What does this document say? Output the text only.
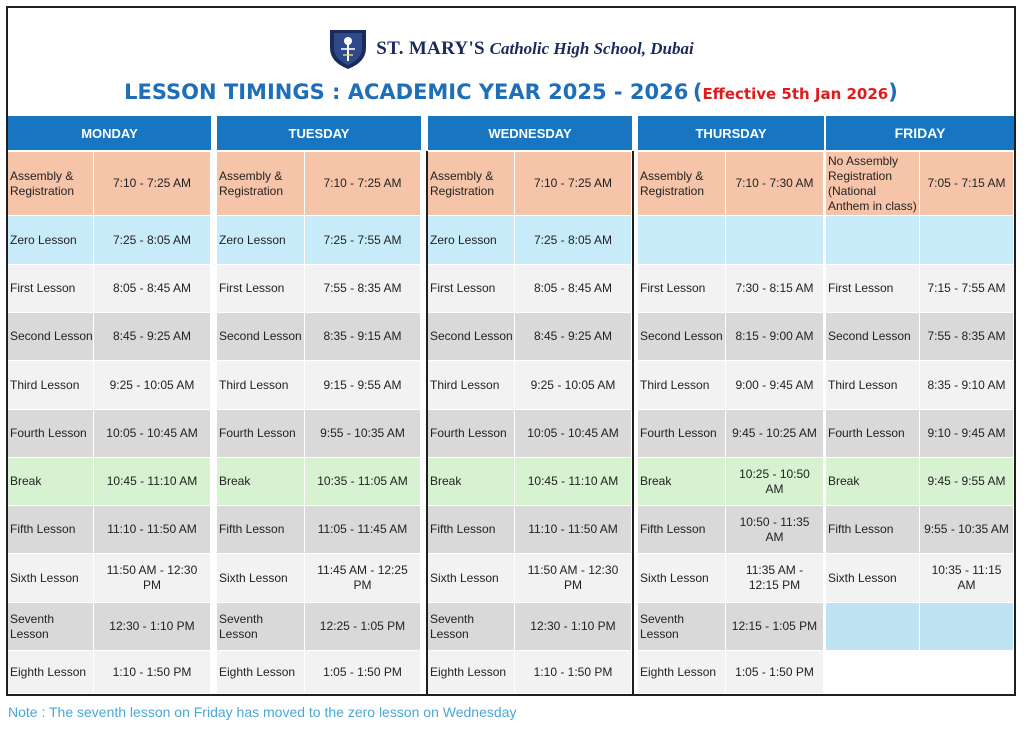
ST. MARY'S Catholic High School, Dubai
LESSON TIMINGS : ACADEMIC YEAR 2025 - 2026 (Effective 5th Jan 2026)
MONDAY
Assembly & Registration
7:10 - 7:25 AM
Zero Lesson	7:25 - 8:05 AM
First Lesson	8:05 - 8:45 AM
Second Lesson	8:45 - 9:25 AM
Third Lesson	9:25 - 10:05 AM
Fourth Lesson	10:05 - 10:45 AM
Break	10:45 - 11:10 AM
Fifth Lesson	11:10 - 11:50 AM
Sixth Lesson
11:50 AM - 12:30 PM
Seventh Lesson
12:30 - 1:10 PM
Eighth Lesson	1:10 - 1:50 PM
TUESDAY
Assembly & Registration
7:10 - 7:25 AM
Zero Lesson	7:25 - 7:55 AM
First Lesson	7:55 - 8:35 AM
Second Lesson	8:35 - 9:15 AM
Third Lesson	9:15 - 9:55 AM
Fourth Lesson	9:55 - 10:35 AM
Break	10:35 - 11:05 AM
Fifth Lesson	11:05 - 11:45 AM
Sixth Lesson
11:45 AM - 12:25 PM
Seventh Lesson
12:25 - 1:05 PM
Eighth Lesson	1:05 - 1:50 PM
WEDNESDAY
Assembly & Registration
7:10 - 7:25 AM
Zero Lesson	7:25 - 8:05 AM
First Lesson	8:05 - 8:45 AM
Second Lesson	8:45 - 9:25 AM
Third Lesson	9:25 - 10:05 AM
Fourth Lesson	10:05 - 10:45 AM
Break	10:45 - 11:10 AM
Fifth Lesson	11:10 - 11:50 AM
Sixth Lesson
11:50 AM - 12:30 PM
Seventh Lesson
12:30 - 1:10 PM
Eighth Lesson	1:10 - 1:50 PM
THURSDAY
Assembly & Registration
7:10 - 7:30 AM
First Lesson	7:30 - 8:15 AM
Second Lesson	8:15 - 9:00 AM
Third Lesson	9:00 - 9:45 AM
Fourth Lesson	9:45 - 10:25 AM
Break
10:25 - 10:50 AM
Fifth Lesson
10:50 - 11:35 AM
Sixth Lesson
11:35 AM - 12:15 PM
Seventh Lesson
12:15 - 1:05 PM
Eighth Lesson	1:05 - 1:50 PM
FRIDAY
No Assembly Registration (National Anthem in class)
7:05 - 7:15 AM
First Lesson	7:15 - 7:55 AM
Second Lesson	7:55 - 8:35 AM
Third Lesson	8:35 - 9:10 AM
Fourth Lesson	9:10 - 9:45 AM
Break	9:45 - 9:55 AM
Fifth Lesson	9:55 - 10:35 AM
Sixth Lesson
10:35 - 11:15 AM
Note : The seventh lesson on Friday has moved to the zero lesson on Wednesday
